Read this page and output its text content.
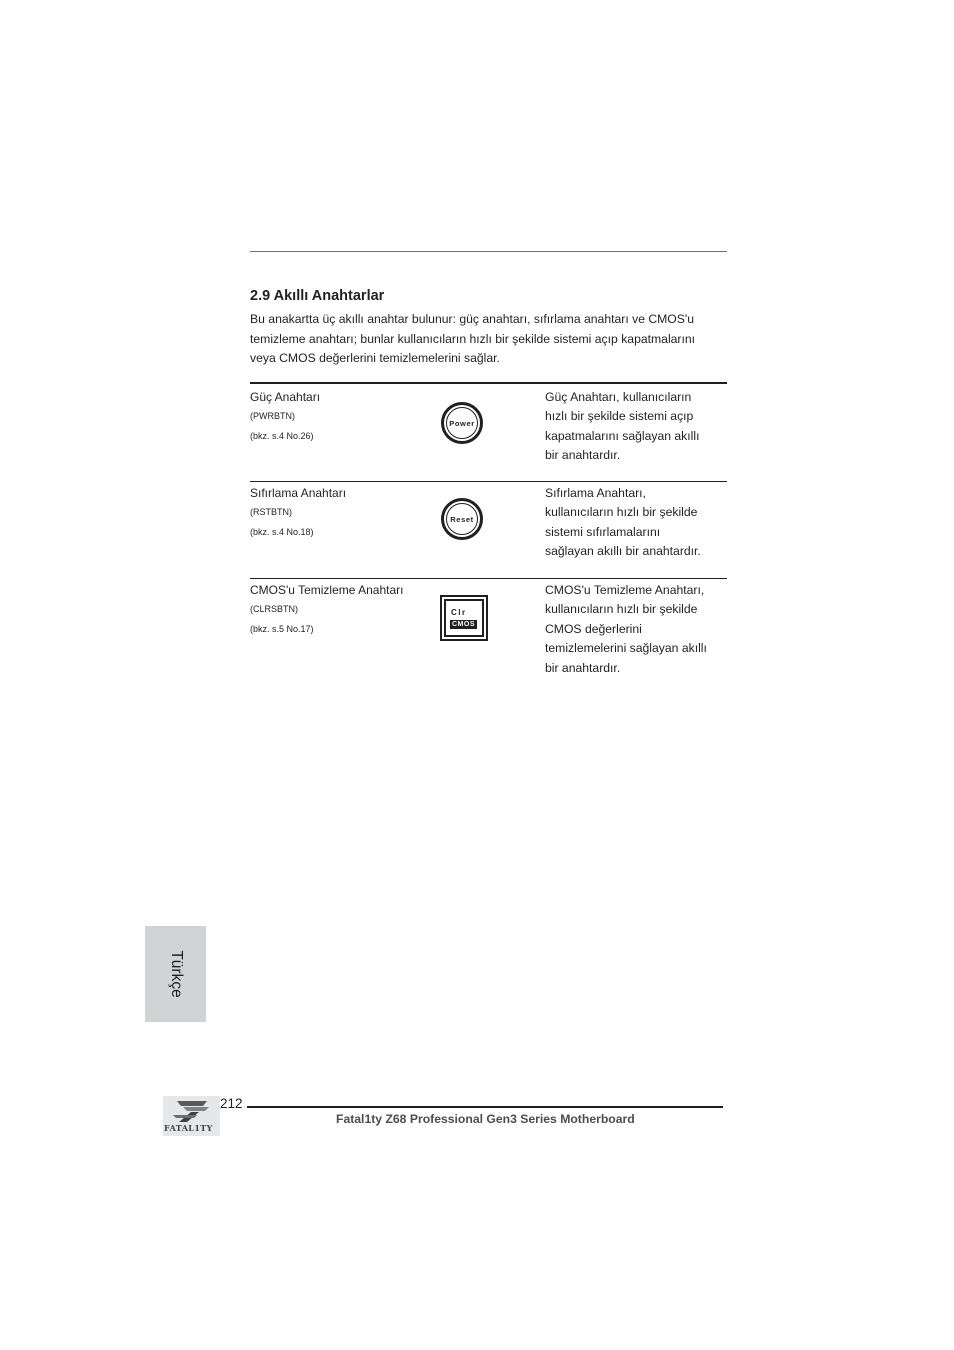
2.9 Akıllı Anahtarlar

Bu anakartta üç akıllı anahtar bulunur: güç anahtarı, sıfırlama anahtarı ve CMOS'u
temizleme anahtarı; bunlar kullanıcıların hızlı bir şekilde sistemi açıp kapatmalarını
veya CMOS değerlerini temizlemelerini sağlar.

Güç Anahtarı
(PWRBTN)
(bkz. s.4 No.26)
Power
Güç Anahtarı, kullanıcıların
hızlı bir şekilde sistemi açıp
kapatmalarını sağlayan akıllı
bir anahtardır.
Sıfırlama Anahtarı
(RSTBTN)
(bkz. s.4 No.18)
Reset
Sıfırlama Anahtarı,
kullanıcıların hızlı bir şekilde
sistemi sıfırlamalarını
sağlayan akıllı bir anahtardır.
CMOS'u Temizleme Anahtarı
(CLRSBTN)
(bkz. s.5 No.17)
Clr
CMOS
CMOS'u Temizleme Anahtarı,
kullanıcıların hızlı bir şekilde
CMOS değerlerini
temizlemelerini sağlayan akıllı
bir anahtardır.
Türkçe
FATAL1TY
212
Fatal1ty Z68 Professional Gen3 Series Motherboard
